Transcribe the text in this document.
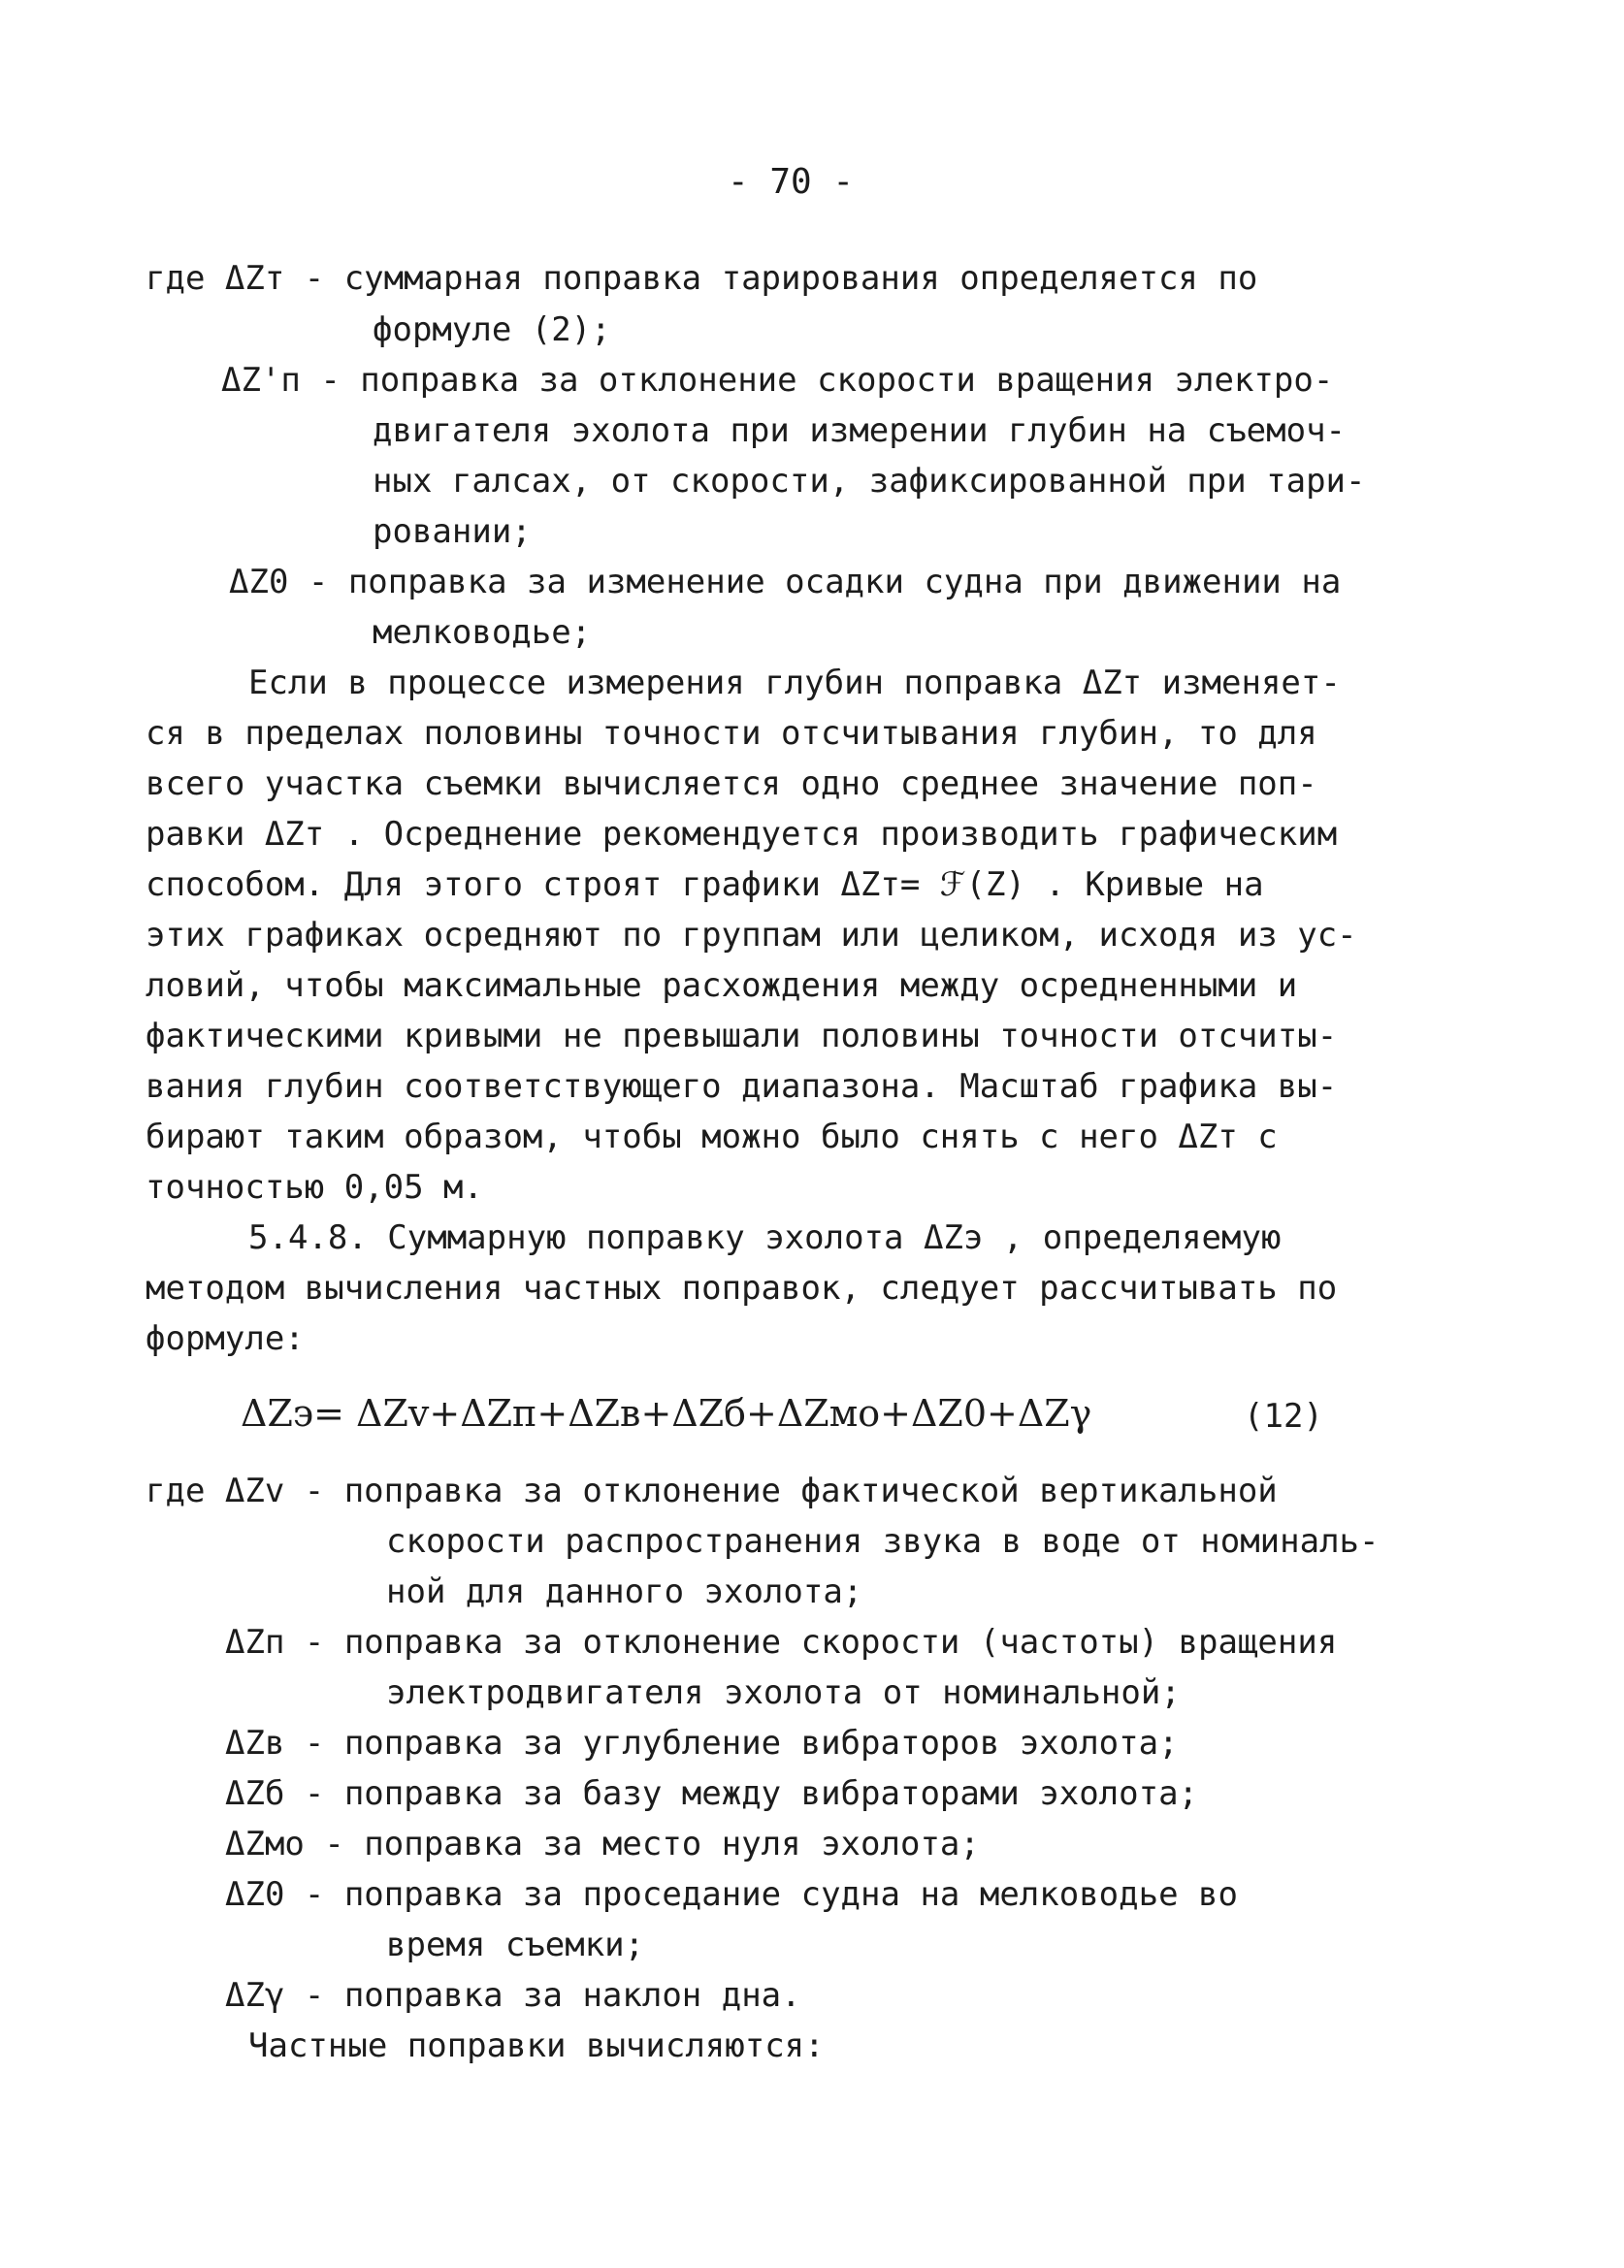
- 70 -
где ΔZт - суммарная поправка тарирования определяется по
формуле (2);
ΔZ'п - поправка за отклонение скорости вращения электро-
двигателя эхолота при измерении глубин на съемоч-
ных галсах, от скорости, зафиксированной при тари-
ровании;
ΔZ0 - поправка за изменение осадки судна при движении на
мелководье;
Если в процессе измерения глубин поправка ΔZт изменяет-
ся в пределах половины точности отсчитывания глубин, то для
всего участка съемки вычисляется одно среднее значение поп-
равки ΔZт . Осреднение рекомендуется производить графическим
способом. Для этого строят графики ΔZт= ℱ(Z) . Кривые на
этих графиках осредняют по группам или целиком, исходя из ус-
ловий, чтобы максимальные расхождения между осредненными и
фактическими кривыми не превышали половины точности отсчиты-
вания глубин соответствующего диапазона. Масштаб графика вы-
бирают таким образом, чтобы можно было снять с него ΔZт с
точностью 0,05 м.
5.4.8. Суммарную поправку эхолота ΔZэ , определяемую
методом вычисления частных поправок, следует рассчитывать по
формуле:
ΔZэ= ΔZv+ΔZп+ΔZв+ΔZб+ΔZмо+ΔZ0+ΔZγ	(12)
где ΔZv - поправка за отклонение фактической вертикальной
скорости распространения звука в воде от номиналь-
ной для данного эхолота;
ΔZп - поправка за отклонение скорости (частоты) вращения
электродвигателя эхолота от номинальной;
ΔZв - поправка за углубление вибраторов эхолота;
ΔZб - поправка за базу между вибраторами эхолота;
ΔZмо - поправка за место нуля эхолота;
ΔZ0 - поправка за проседание судна на мелководье во
время съемки;
ΔZγ - поправка за наклон дна.
Частные поправки вычисляются:
